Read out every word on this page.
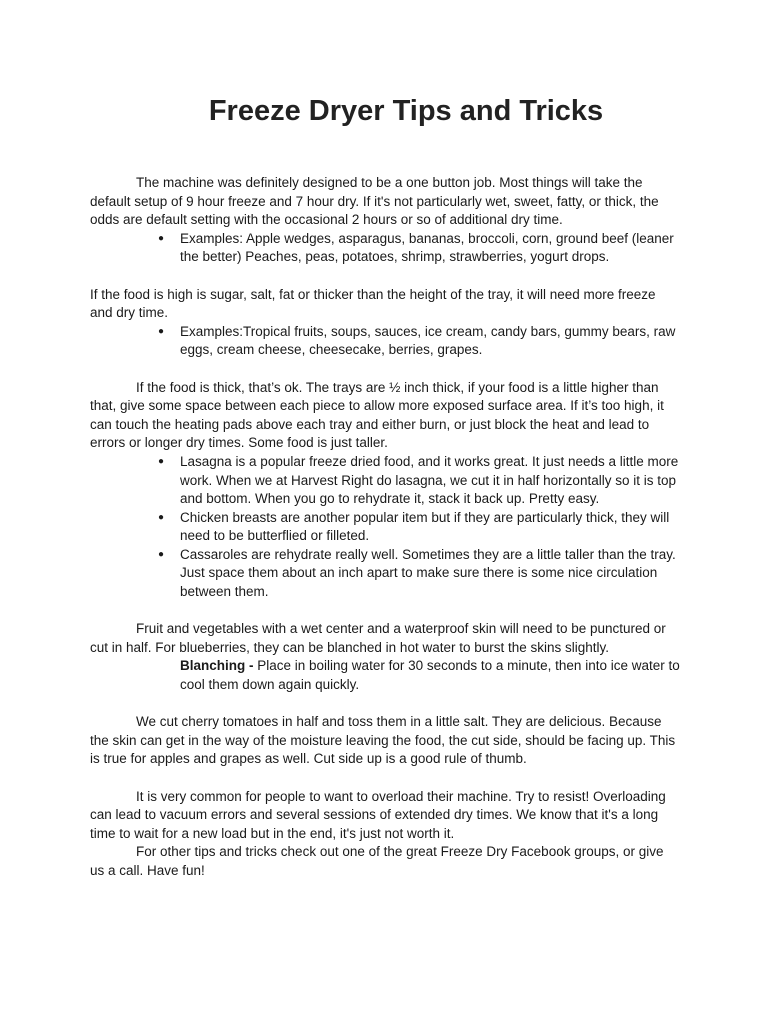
Freeze Dryer Tips and Tricks

The machine was definitely designed to be a one button job. Most things will take the default setup of 9 hour freeze and 7 hour dry. If it's not particularly wet, sweet, fatty, or thick, the odds are default setting with the occasional 2 hours or so of additional dry time.

● Examples: Apple wedges, asparagus, bananas, broccoli, corn, ground beef (leaner the better) Peaches, peas, potatoes, shrimp, strawberries, yogurt drops.

If the food is high is sugar, salt, fat or thicker than the height of the tray, it will need more freeze and dry time.

● Examples:Tropical fruits, soups, sauces, ice cream, candy bars, gummy bears, raw eggs, cream cheese, cheesecake, berries, grapes.

If the food is thick, that’s ok. The trays are ½ inch thick, if your food is a little higher than that, give some space between each piece to allow more exposed surface area. If it’s too high, it can touch the heating pads above each tray and either burn, or just block the heat and lead to errors or longer dry times. Some food is just taller.

● Lasagna is a popular freeze dried food, and it works great. It just needs a little more work. When we at Harvest Right do lasagna, we cut it in half horizontally so it is top and bottom. When you go to rehydrate it, stack it back up. Pretty easy.
● Chicken breasts are another popular item but if they are particularly thick, they will need to be butterflied or filleted.
● Cassaroles are rehydrate really well. Sometimes they are a little taller than the tray. Just space them about an inch apart to make sure there is some nice circulation between them.

Fruit and vegetables with a wet center and a waterproof skin will need to be punctured or cut in half. For blueberries, they can be blanched in hot water to burst the skins slightly.

Blanching - Place in boiling water for 30 seconds to a minute, then into ice water to cool them down again quickly.

We cut cherry tomatoes in half and toss them in a little salt. They are delicious. Because the skin can get in the way of the moisture leaving the food, the cut side, should be facing up. This is true for apples and grapes as well. Cut side up is a good rule of thumb.

It is very common for people to want to overload their machine. Try to resist! Overloading can lead to vacuum errors and several sessions of extended dry times. We know that it's a long time to wait for a new load but in the end, it's just not worth it.

For other tips and tricks check out one of the great Freeze Dry Facebook groups, or give us a call. Have fun!
